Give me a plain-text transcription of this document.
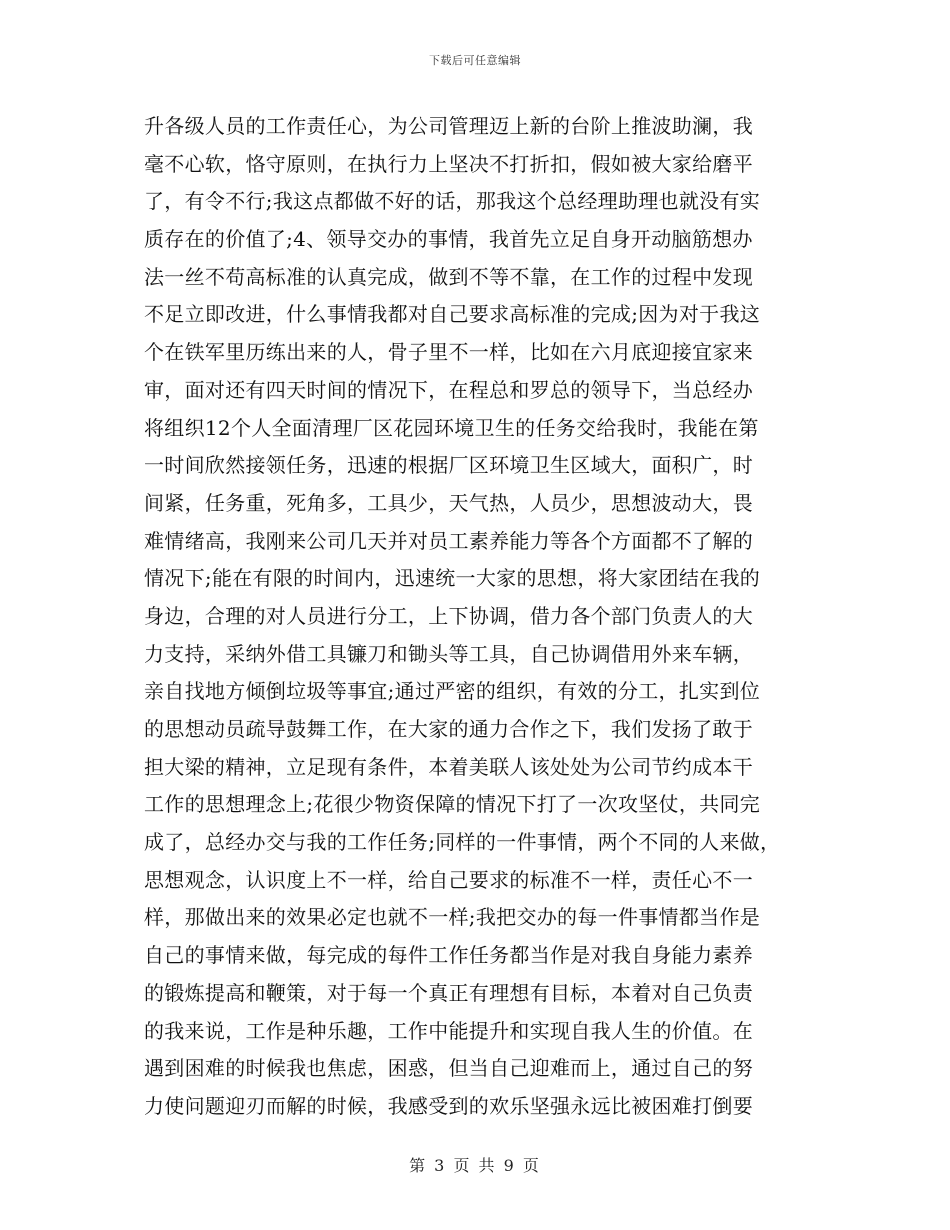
下载后可任意编辑
升各级人员的工作责任心，为公司管理迈上新的台阶上推波助澜，我
毫不心软，恪守原则，在执行力上坚决不打折扣，假如被大家给磨平
了，有令不行;我这点都做不好的话，那我这个总经理助理也就没有实
质存在的价值了;4、领导交办的事情，我首先立足自身开动脑筋想办
法一丝不苟高标准的认真完成，做到不等不靠，在工作的过程中发现
不足立即改进，什么事情我都对自己要求高标准的完成;因为对于我这
个在铁军里历练出来的人，骨子里不一样，比如在六月底迎接宜家来
审，面对还有四天时间的情况下，在程总和罗总的领导下，当总经办
将组织12个人全面清理厂区花园环境卫生的任务交给我时，我能在第
一时间欣然接领任务，迅速的根据厂区环境卫生区域大，面积广，时
间紧，任务重，死角多，工具少，天气热，人员少，思想波动大，畏
难情绪高，我刚来公司几天并对员工素养能力等各个方面都不了解的
情况下;能在有限的时间内，迅速统一大家的思想，将大家团结在我的
身边，合理的对人员进行分工，上下协调，借力各个部门负责人的大
力支持，采纳外借工具镰刀和锄头等工具，自己协调借用外来车辆，
亲自找地方倾倒垃圾等事宜;通过严密的组织，有效的分工，扎实到位
的思想动员疏导鼓舞工作，在大家的通力合作之下，我们发扬了敢于
担大梁的精神，立足现有条件，本着美联人该处处为公司节约成本干
工作的思想理念上;花很少物资保障的情况下打了一次攻坚仗，共同完
成了，总经办交与我的工作任务;同样的一件事情，两个不同的人来做，
思想观念，认识度上不一样，给自己要求的标准不一样，责任心不一
样，那做出来的效果必定也就不一样;我把交办的每一件事情都当作是
自己的事情来做，每完成的每件工作任务都当作是对我自身能力素养
的锻炼提高和鞭策，对于每一个真正有理想有目标，本着对自己负责
的我来说，工作是种乐趣，工作中能提升和实现自我人生的价值。在
遇到困难的时候我也焦虑，困惑，但当自己迎难而上，通过自己的努
力使问题迎刃而解的时候，我感受到的欢乐坚强永远比被困难打倒要
第 3 页 共 9 页
